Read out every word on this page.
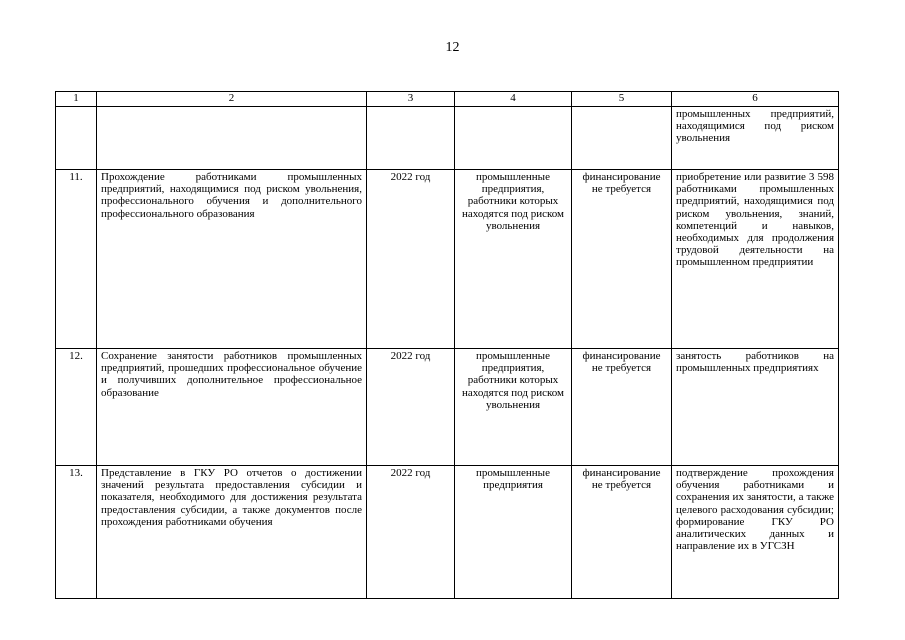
12
1	2	3	4	5	6
					промышленных предприятий, находящимися под риском увольнения
11.	Прохождение работниками промышленных предприятий, находящимися под риском увольнения, профессионального обучения и дополнительного профессионального образования	2022 год	промышленные предприятия, работники которых находятся под риском увольнения	финансирование не требуется	приобретение или развитие 3 598 работниками промышленных предприятий, находящимися под риском увольнения, знаний, компетенций и навыков, необходимых для продолжения трудовой деятельности на промышленном предприятии
12.	Сохранение занятости работников промышленных предприятий, прошедших профессиональное обучение и получивших дополнительное профессиональное образование	2022 год	промышленные предприятия, работники которых находятся под риском увольнения	финансирование не требуется	занятость работников на промышленных предприятиях
13.	Представление в ГКУ РО отчетов о достижении значений результата предоставления субсидии и показателя, необходимого для достижения результата предоставления субсидии, а также документов после прохождения работниками обучения	2022 год	промышленные предприятия	финансирование не требуется	подтверждение прохождения обучения работниками и сохранения их занятости, а также целевого расходования субсидии; формирование ГКУ РО аналитических данных и направление их в УГСЗН
